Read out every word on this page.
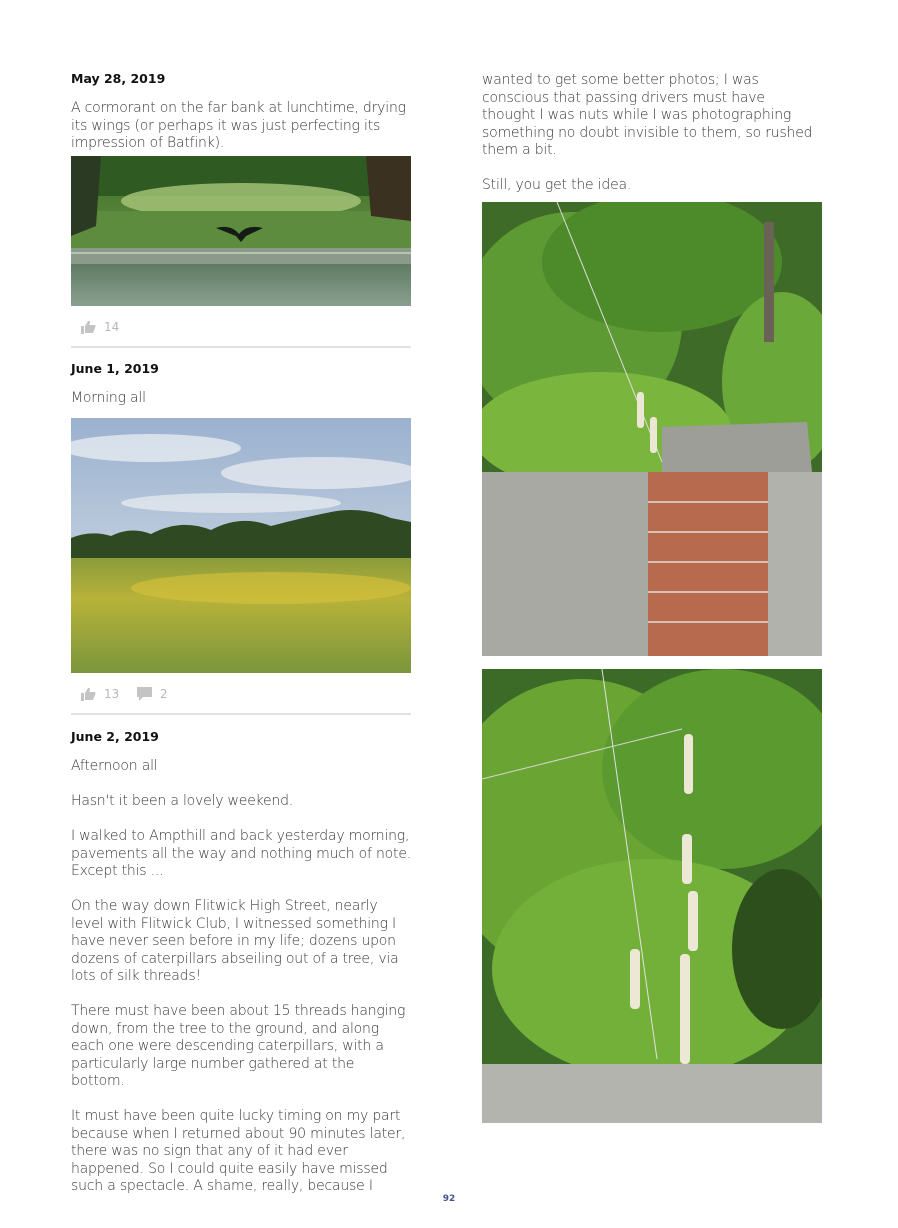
May 28, 2019

A cormorant on the far bank at lunchtime, drying its wings (or perhaps it was just perfecting its impression of Batfink).

14

June 1, 2019

Morning all

13	2

June 2, 2019

Afternoon all

Hasn't it been a lovely weekend.

I walked to Ampthill and back yesterday morning, pavements all the way and nothing much of note. Except this ...

On the way down Flitwick High Street, nearly level with Flitwick Club, I witnessed something I have never seen before in my life; dozens upon dozens of caterpillars abseiling out of a tree, via lots of silk threads!

There must have been about 15 threads hanging down, from the tree to the ground, and along each one were descending caterpillars, with a particularly large number gathered at the bottom.

It must have been quite lucky timing on my part because when I returned about 90 minutes later, there was no sign that any of it had ever happened. So I could quite easily have missed such a spectacle. A shame, really, because I

wanted to get some better photos; I was conscious that passing drivers must have thought I was nuts while I was photographing something no doubt invisible to them, so rushed them a bit.

Still, you get the idea.

92
